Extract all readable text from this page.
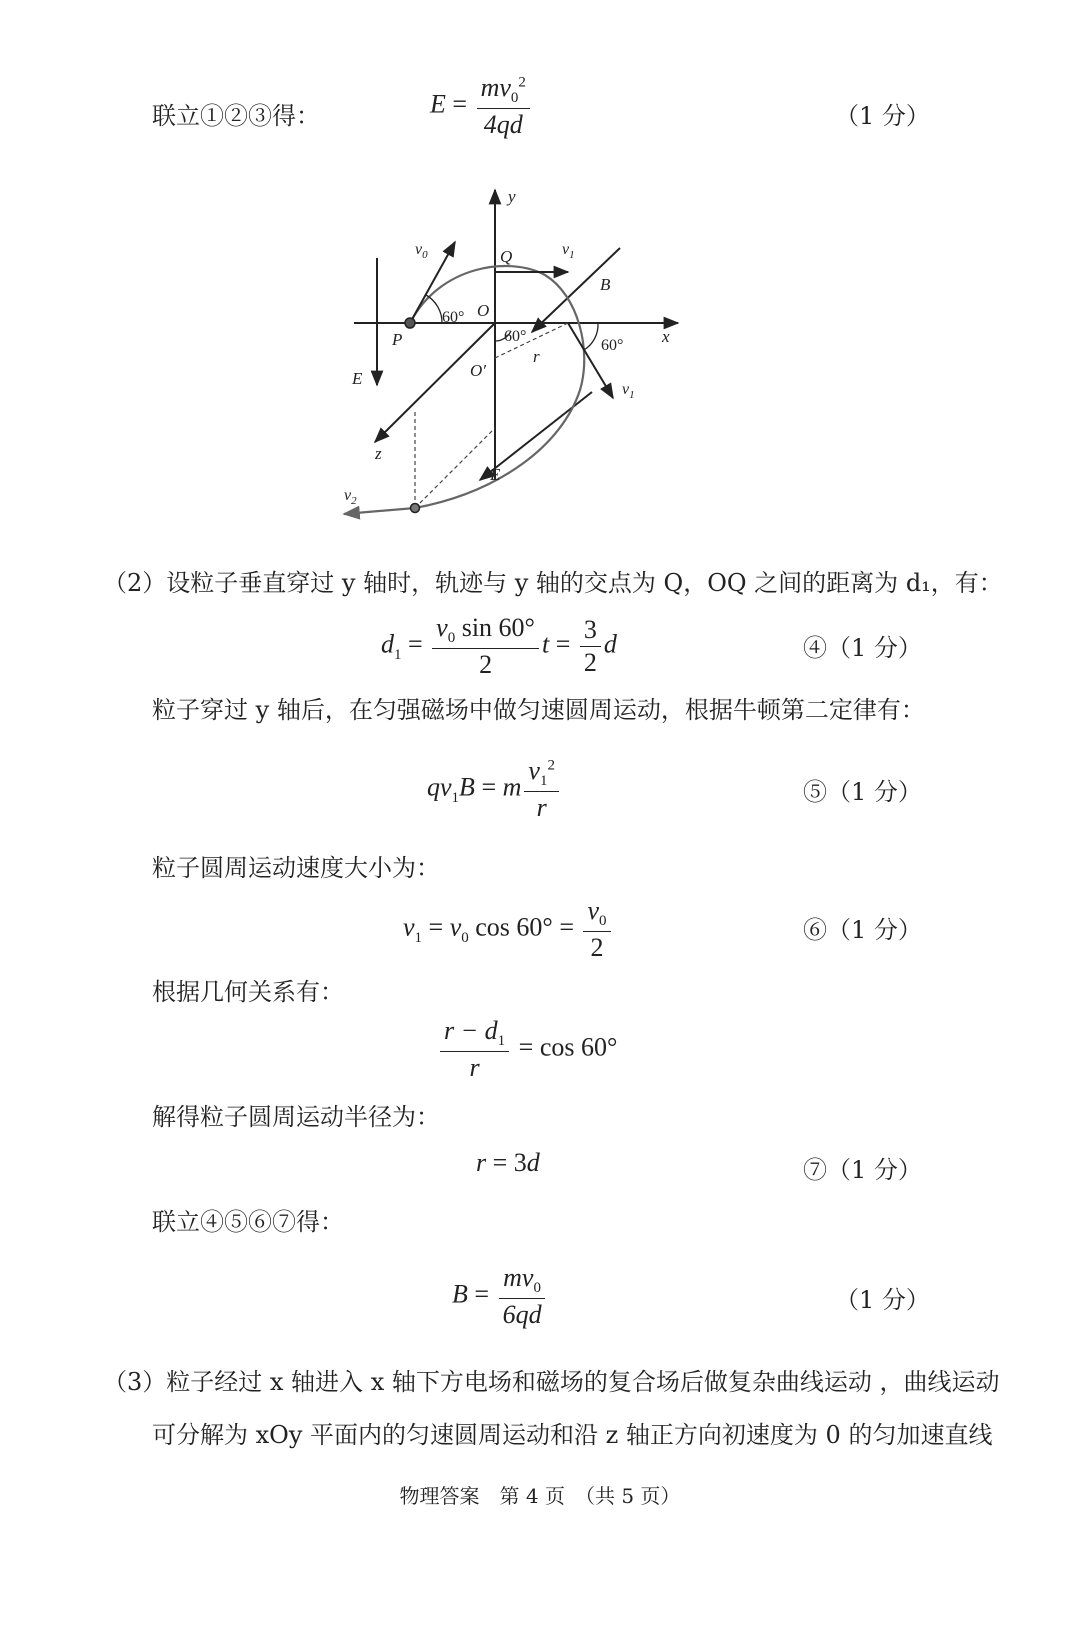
联立①②③得：	$E = \frac{mv_0^2}{4qd}$	（1 分）
y
x
z
Q
O
P
O′
B
E
E
r
60°
60°
60°
$v_0$	$v_1$
$v_1$
$v_2$
（2）设粒子垂直穿过 y 轴时，轨迹与 y 轴的交点为 Q，OQ 之间的距离为 d₁，有：
$d_1 = \frac{v_0 \sin 60^\circ}{2}$ $t = \frac{3}{2}$ d	④（1 分）
粒子穿过 y 轴后，在匀强磁场中做匀速圆周运动，根据牛顿第二定律有：
$qv_1B = m \frac{v_1^2}{r}$	⑤（1 分）
粒子圆周运动速度大小为：
$v_1 = v_0$ $\cos 60^\circ = \frac{v_0}{2}$	⑥（1 分）
根据几何关系有：
$\frac{r - d_1}{r} = \cos 60^\circ$
解得粒子圆周运动半径为：
r = 3d	⑦（1 分）
联立④⑤⑥⑦得：
$B = \frac{mv_0}{6qd}$	（1 分）
（3）粒子经过 x 轴进入 x 轴下方电场和磁场的复合场后做复杂曲线运动 ，曲线运动
可分解为 xOy 平面内的匀速圆周运动和沿 z 轴正方向初速度为 0 的匀加速直线
物理答案　第 4 页　（共 5 页）
